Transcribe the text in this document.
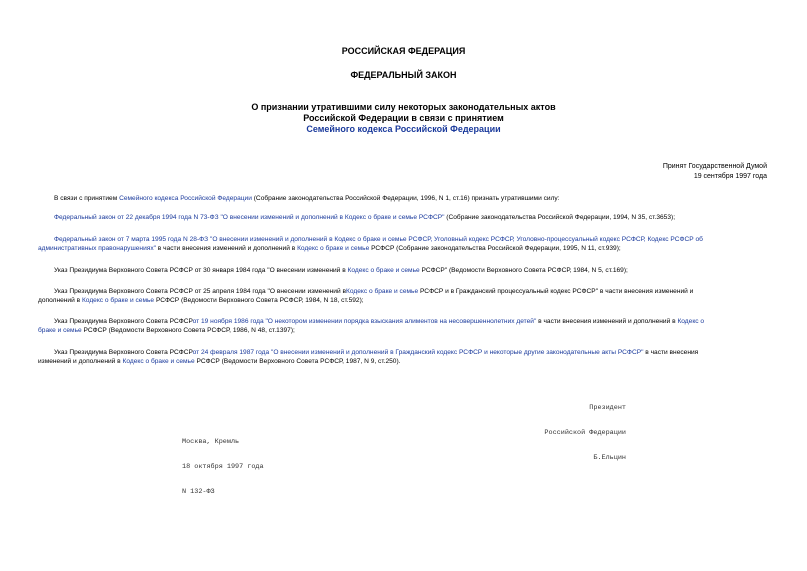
РОССИЙСКАЯ ФЕДЕРАЦИЯ
ФЕДЕРАЛЬНЫЙ ЗАКОН
О признании утратившими силу некоторых законодательных актов
Российской Федерации в связи с принятием
Семейного кодекса Российской Федерации
Принят Государственной Думой
19 сентября 1997 года
В связи с принятием Семейного кодекса Российской Федерации (Собрание законодательства Российской Федерации, 1996, N 1, ст.16) признать утратившими силу:
Федеральный закон от 22 декабря 1994 года N 73-ФЗ "О внесении изменений и дополнений в Кодекс о браке и семье РСФСР" (Собрание законодательства Российской Федерации, 1994, N 35, ст.3653);
Федеральный закон от 7 марта 1995 года N 28-ФЗ "О внесении изменений и дополнений в Кодекс о браке и семье РСФСР, Уголовный кодекс РСФСР, Уголовно-процессуальный кодекс РСФСР, Кодекс РСФСР об
административных правонарушениях" в части внесения изменений и дополнений в Кодекс о браке и семье РСФСР (Собрание законодательства Российской Федерации, 1995, N 11, ст.939);
Указ Президиума Верховного Совета РСФСР от 30 января 1984 года "О внесении изменений в Кодекс о браке и семье РСФСР" (Ведомости Верховного Совета РСФСР, 1984, N 5, ст.169);
Указ Президиума Верховного Совета РСФСР от 25 апреля 1984 года "О внесении изменений вКодекс о браке и семье РСФСР и в Гражданский процессуальный кодекс РСФСР" в части внесения изменений и
дополнений в Кодекс о браке и семье РСФСР (Ведомости Верховного Совета РСФСР, 1984, N 18, ст.592);
Указ Президиума Верховного Совета РСФСРот 19 ноября 1986 года "О некотором изменении порядка взыскания алиментов на несовершеннолетних детей" в части внесения изменений и дополнений в Кодекс о
браке и семье РСФСР (Ведомости Верховного Совета РСФСР, 1986, N 48, ст.1397);
Указ Президиума Верховного Совета РСФСРот 24 февраля 1987 года "О внесении изменений и дополнений в Гражданский кодекс РСФСР и некоторые другие законодательные акты РСФСР" в части внесения
изменений и дополнений в Кодекс о браке и семье РСФСР (Ведомости Верховного Совета РСФСР, 1987, N 9, ст.250).

Президент

Российской Федерации

Б.Ельцин

Москва, Кремль

18 октября 1997 года

N 132-ФЗ
